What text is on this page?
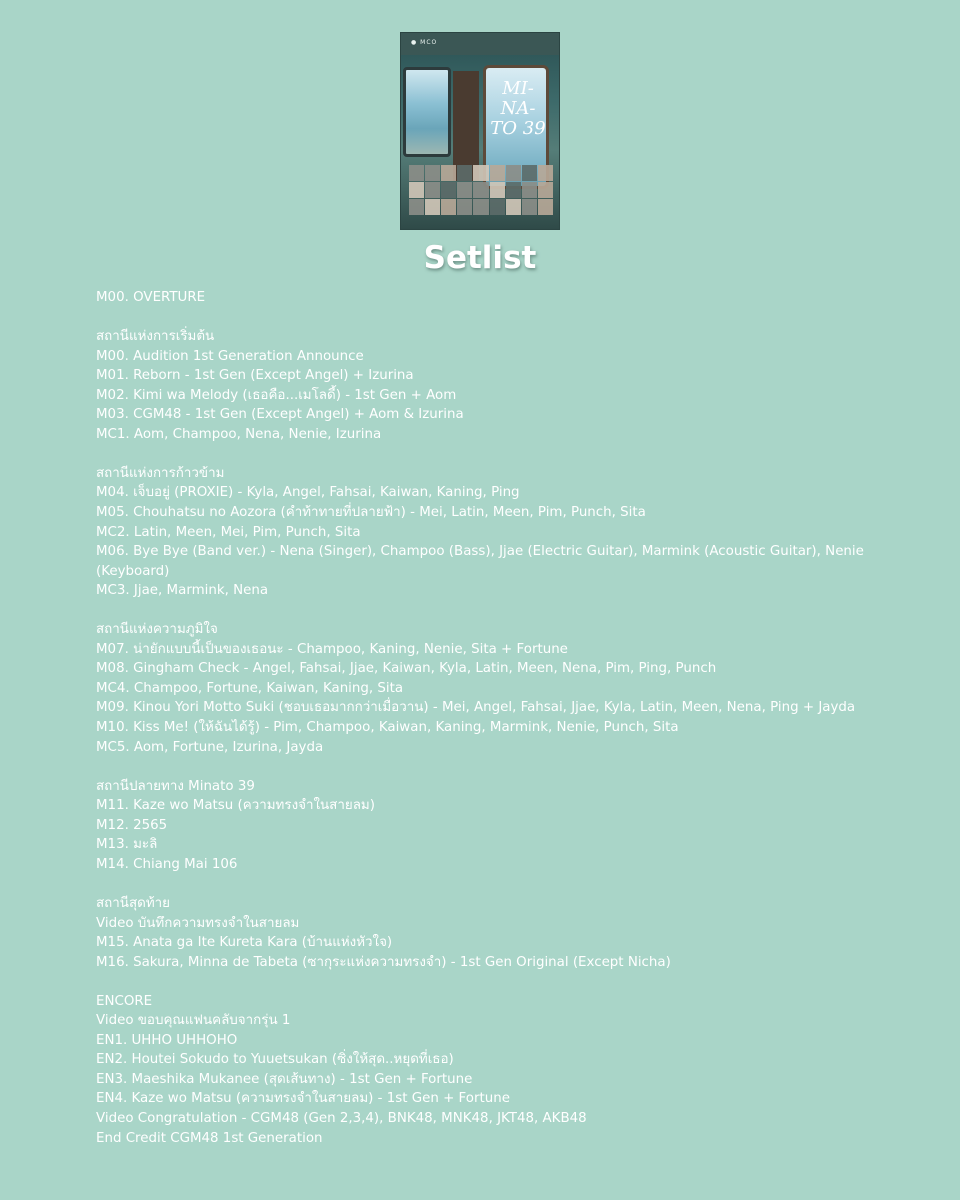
● MCO
MI-NA-TO 39
Setlist
M00. OVERTURE
สถานีแห่งการเริ่มต้น
M00. Audition 1st Generation Announce
M01. Reborn - 1st Gen (Except Angel) + Izurina
M02. Kimi wa Melody (เธอคือ...เมโลดี้) - 1st Gen + Aom
M03. CGM48 - 1st Gen (Except Angel) + Aom & Izurina
MC1. Aom, Champoo, Nena, Nenie, Izurina
สถานีแห่งการก้าวข้าม
M04. เจ็บอยู่ (PROXIE) - Kyla, Angel, Fahsai, Kaiwan, Kaning, Ping
M05. Chouhatsu no Aozora (คำท้าทายที่ปลายฟ้า) - Mei, Latin, Meen, Pim, Punch, Sita
MC2. Latin, Meen, Mei, Pim, Punch, Sita
M06. Bye Bye (Band ver.) - Nena (Singer), Champoo (Bass), Jjae (Electric Guitar), Marmink (Acoustic Guitar), Nenie (Keyboard)
MC3. Jjae, Marmink, Nena
สถานีแห่งความภูมิใจ
M07. น่ายักแบบนี้เป็นของเธอนะ - Champoo, Kaning, Nenie, Sita + Fortune
M08. Gingham Check - Angel, Fahsai, Jjae, Kaiwan, Kyla, Latin, Meen, Nena, Pim, Ping, Punch
MC4. Champoo, Fortune, Kaiwan, Kaning, Sita
M09. Kinou Yori Motto Suki (ชอบเธอมากกว่าเมื่อวาน) - Mei, Angel, Fahsai, Jjae, Kyla, Latin, Meen, Nena, Ping + Jayda
M10. Kiss Me! (ให้ฉันได้รู้) - Pim, Champoo, Kaiwan, Kaning, Marmink, Nenie, Punch, Sita
MC5. Aom, Fortune, Izurina, Jayda
สถานีปลายทาง Minato 39
M11. Kaze wo Matsu (ความทรงจำในสายลม)
M12. 2565
M13. มะลิ
M14. Chiang Mai 106
สถานีสุดท้าย
Video บันทึกความทรงจำในสายลม
M15. Anata ga Ite Kureta Kara (บ้านแห่งหัวใจ)
M16. Sakura, Minna de Tabeta (ซากุระแห่งความทรงจำ) - 1st Gen Original (Except Nicha)
ENCORE
Video ขอบคุณแฟนคลับจากรุ่น 1
EN1. UHHO UHHOHO
EN2. Houtei Sokudo to Yuuetsukan (ซิ่งให้สุด..หยุดที่เธอ)
EN3. Maeshika Mukanee (สุดเส้นทาง) - 1st Gen + Fortune
EN4. Kaze wo Matsu (ความทรงจำในสายลม) - 1st Gen + Fortune
Video Congratulation - CGM48 (Gen 2,3,4), BNK48, MNK48, JKT48, AKB48
End Credit CGM48 1st Generation
